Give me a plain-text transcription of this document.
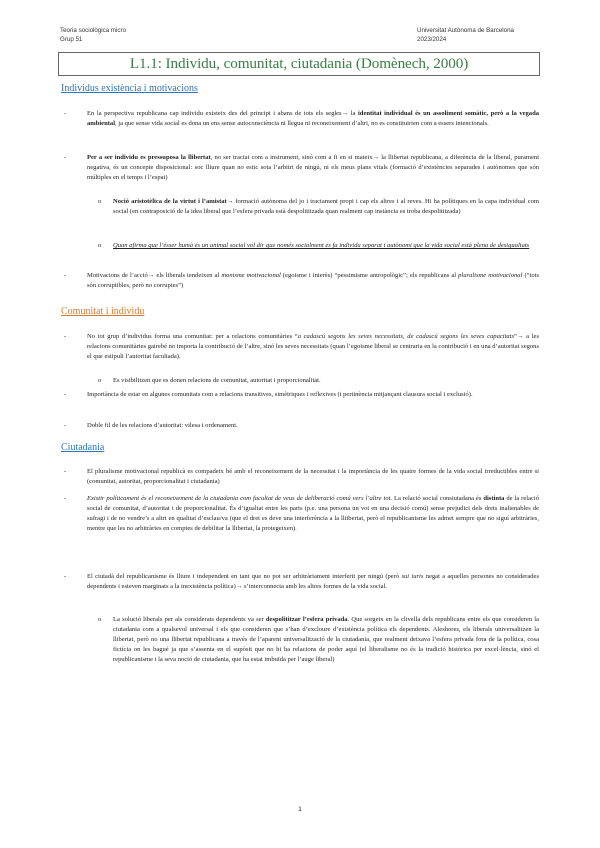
Teoria sociològica micro
Grup 51
Universitat Autònoma de Barcelona
2023/2024
L1.1: Individu, comunitat, ciutadania (Domènech, 2000)
Individus existència i motivacions
-	En la perspectiva republicana cap individu existeix des del principi i abans de tots els segles→ la identitat individual és un assoliment somàtic, però a la vegada ambiental, ja que sense vida social es dona un ens sense autoconsciència ni llegua ni reconeixement d’altri, no es constituirien com a essers intencionals.
-	Per a ser individu es pressuposa la llibertat, no ser tractat com a instrument, sinó com a fi en si mateix→ la llibertat republicana, a diferència de la liberal, purament negativa, és un concepte disposicional: soc lliure quan no estic sota l’arbitri de ningú, ni els meus plans vitals (formació d’existències separades i autònomes que són múltiples en el temps i l’espai)
o Noció aristotèlica de la virtut i l’amistat→ formació autònoma del jo i tractament propi i cap els altres i al reves. Hi ha polítiques en la capa individual com social (en contraposició de la idea liberal que l’esfera privada està despolititzada quan realment cap instància es troba despolititzada)
o Quan afirma que l’ésser humà és un animal social vol dir que només socialment es fa individu separat i autònomi que la vida social està plena de desigualtats
-	Motivacions de l’acció→ els liberals tendeixen al monisme motivacional (egoisme i interès) “pessimisme antropològic”; els republicans al pluralisme motivacional (“tots són corruptibles, però no corruptes”)
Comunitat i individu
-	No tot grup d’individus forma una comunitat: per a relacions comunitàries “a cadascú segons les seves necessitats, de cadascú segons les seves capacitats”→ a les relacions comunitàries gairebé no importa la contribució de l’altre, sinó les seves necessitats (quan l’egoisme liberal se centraria en la contribució i en una d’autoritat segons el que estipuli l’autoritat facultada).
o Es visibilitzen que es donen relacions de comunitat, autoritat i proporcionalitat.
-	Importància de estar en algunes comunitats com a relacions transitives, simètriques i reflexives (i pertinència mitjançant clausura social i exclusió).
-	Doble fil de les relacions d’autoritat: vilesa i ordenament.
Ciutadania
-	El pluralisme motivacional republicà es compadeix bé amb el reconeixement de la necessitat i la importància de les quatre formes de la vida social irreductibles entre si (comunitat, autoritat, proporcionalitat i ciutadania)
-	Existir políticament és el reconeixement de la ciutadania com facultat de veus de deliberació comú vers l’altre tot. La relació social consiutadana és distinta de la relació social de comunitat, d’autoritat i de proporcionalitat. És d’igualtat entre les parts (p.e. una persona un vot en una decisió comú) sense prejudici dels drets inalienables de sufragi i de no vendre’s a altri en qualitat d’esclau/va (que el dret es deve una interferència a la lliibertat, però el republicanisme les admet sempre que no siguí arbitràries, mentre que les no arbitràries en comptes de debilitar la llibertat, la protegeixen).
-	El ciutadà del republicanisme és lliure i independent en tant que no pot ser arbitràriament interferit per ningú (però sui iuris negat a aquelles persones no considerades dependents i esteven marginats a la inexistència política)→ s’interconnecta amb les altres formes de la vida social.
o La solució liberals per als considerats dependents va ser despolititzar l’esfera privada. Que sorgeix en la clivella dels republicans entre els que consideren la ciutadania com a qualsevol universal i els que consideren que s’han d’excloure d’existència política els dependents. Aleshores, els liberals universalitzen la llibertat, però no una llibertat republicana a través de l’aparent universalització de la ciutadania, que realment deixava l’esfera privada fora de la política, cosa fictícia on les bagué ja que s’assenta en el supòsit que no hi ha relacions de poder aquí (el liberalisme no és la tradició històrica per excel·lència, sinó el republicanisme i la seva noció de ciutadania, que ha estat imbuïda per l’auge liberal)
1
